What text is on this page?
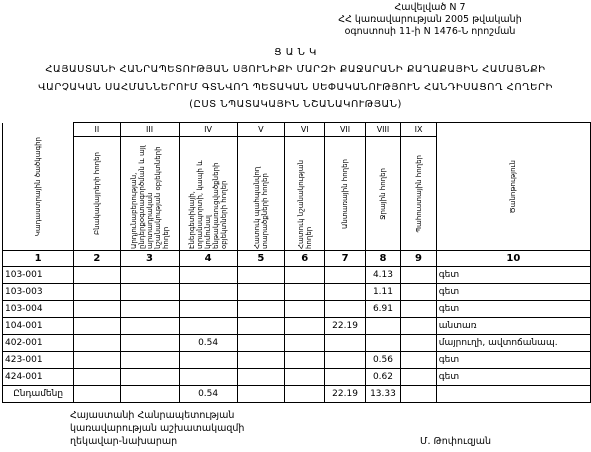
Հավելված N 7
ՀՀ կառավարության 2005 թվականի
օգոստոսի 11-ի N 1476-Ն որոշման
Ց Ա Ն Կ
ՀԱՅԱՍՏԱՆԻ ՀԱՆՐԱՊԵՏՈՒԹՅԱՆ ՍՅՈՒՆԻՔԻ ՄԱՐԶԻ ՔԱՋԱՐԱՆԻ ՔԱՂԱՔԱՅԻՆ ՀԱՄԱՅՆՔԻ
ՎԱՐՉԱԿԱՆ ՍԱՀՄԱՆՆԵՐՈՒՄ ԳՏՆՎՈՂ ՊԵՏԱԿԱՆ ՍԵՓԱԿԱՆՈՒԹՅՈՒՆ ՀԱՆԴԻՍԱՑՈՂ ՀՈՂԵՐԻ
(ԸՍՏ ՆՊԱՏԱԿԱՅԻՆ ՆՇԱՆԱԿՈՒԹՅԱՆ)
Կադաստրային ծածկագիր	II	III	IV	V	VI	VII	VIII	IX	Ծանոթություն

	Բնակավայրերի հողեր	Արդյունաբերության, ընդերքօգտագործման և այլ արտադրական նշանակության օբյեկտների հողեր	Էներգետիկայի, տրանսպորտի, կապի և կոմունալ ենթակառուցվածքների օբյեկտների հողեր	Հատուկ պահպանվող տարածքների հողեր	Հատուկ նշանակության հողեր	Անտառային հողեր	Ջրային հողեր	Պահուստային հողեր	

1	2	3	4	5	6	7	8	9	10
103-001							4.13		գետ
103-003							1.11		գետ
103-004							6.91		գետ
104-001						22.19			անտառ
402-001			0.54						մայրուղի, ավտոճանապ.
423-001							0.56		գետ
424-001							0.62		գետ
Ընդամենը			0.54			22.19	13.33		
Հայաստանի Հանրապետության
կառավարության աշխատակազմի
ղեկավար-նախարար	Մ. Թոփուզյան
